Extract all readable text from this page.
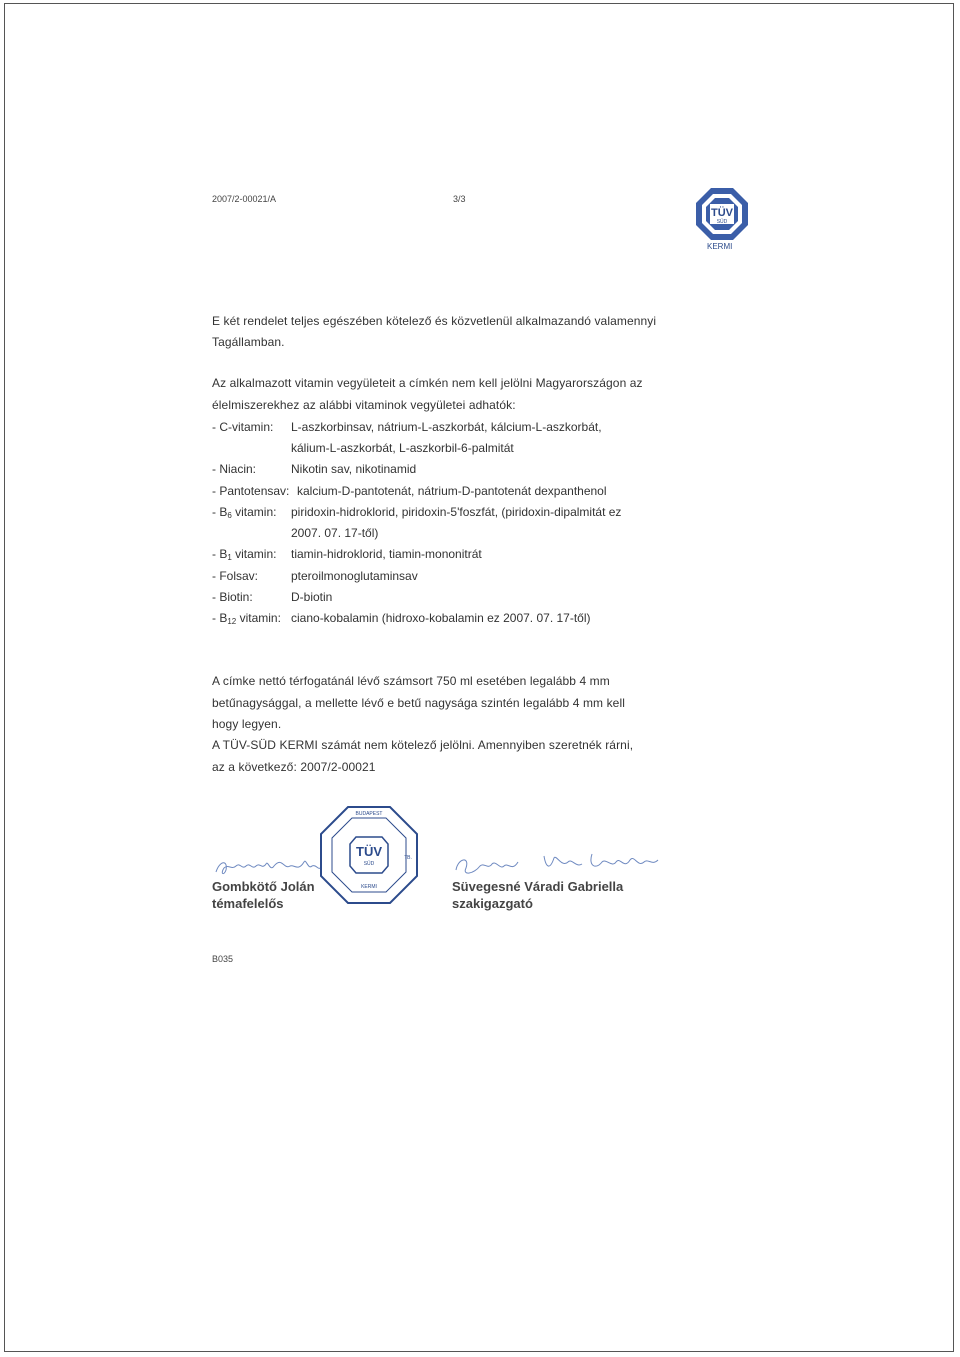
2007/2-00021/A	3/3
TÜV
SÜD
KERMI
E két rendelet teljes egészében kötelező és közvetlenül alkalmazandó valamennyi
Tagállamban.
Az alkalmazott vitamin vegyületeit a címkén nem kell jelölni Magyarországon az
élelmiszerekhez az alábbi vitaminok vegyületei adhatók:
- C-vitamin: L-aszkorbinsav, nátrium-L-aszkorbát, kálcium-L-aszkorbát,
kálium-L-aszkorbát, L-aszkorbil-6-palmitát
- Niacin:	Nikotin sav, nikotinamid
- Pantotensav: kalcium-D-pantotenát, nátrium-D-pantotenát dexpanthenol
- $B_6$ vitamin: piridoxin-hidroklorid, piridoxin-5'foszfát, (piridoxin-dipalmitát ez
2007. 07. 17-től)
- $B_1$ vitamin: tiamin-hidroklorid, tiamin-mononitrát
- Folsav:	pteroilmonoglutaminsav
- Biotin:	D-biotin
- $B_{12}$ vitamin: ciano-kobalamin (hidroxo-kobalamin ez 2007. 07. 17-től)
A címke nettó térfogatánál lévő számsort 750 ml esetében legalább 4 mm
betűnagysággal, a mellette lévő e betű nagysága szintén legalább 4 mm kell
hogy legyen.
A TÜV-SÜD KERMI számát nem kötelező jelölni. Amennyiben szeretnék rárni,
az a következő: 2007/2-00021
BUDAPEST
TÜV
SÜD
KERMI
TB.
Gombkötő Jolán
témafelelős
Süvegesné Váradi Gabriella
szakigazgató
B035
